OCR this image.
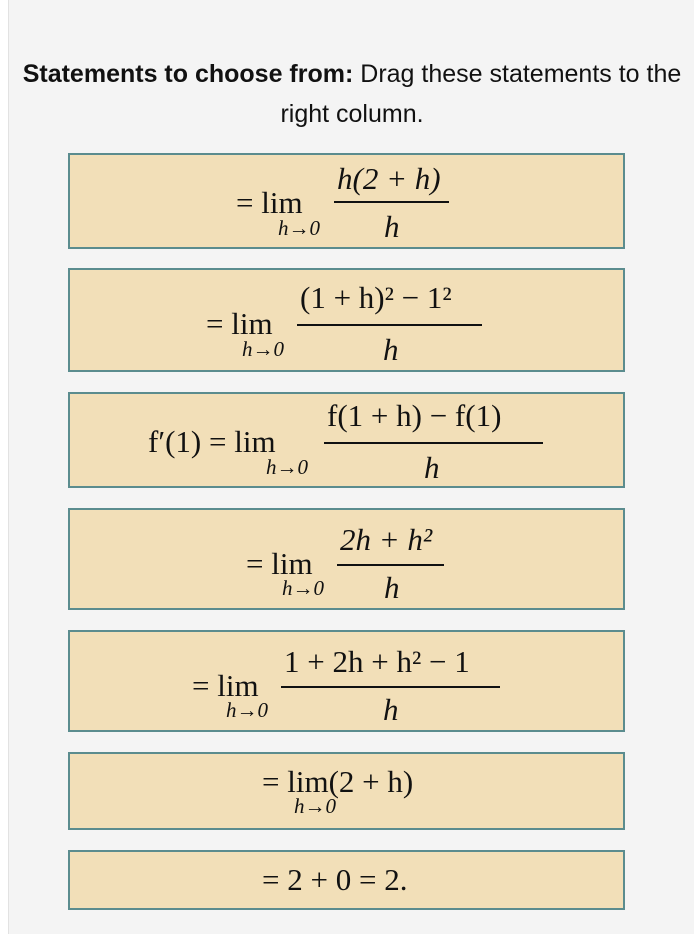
Statements to choose from: Drag these statements to the right column.
= lim
h→0
h(2 + h)
h
= lim
h→0
(1 + h)² − 1²
h
f′(1) = lim
h→0
f(1 + h) − f(1)
h
= lim
h→0
2h + h²
h
= lim
h→0
1 + 2h + h² − 1
h
= lim(2 + h)
h→0
= 2 + 0 = 2.
